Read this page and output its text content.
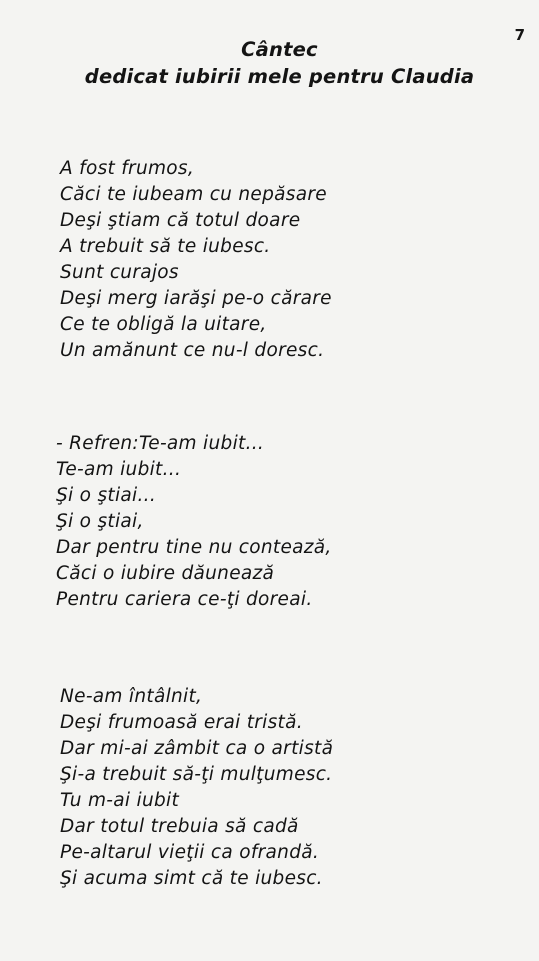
7
Cântec
dedicat iubirii mele pentru Claudia
A fost frumos,
Căci te iubeam cu nepăsare
Deşi ştiam că totul doare
A trebuit să te iubesc.
Sunt curajos
Deşi merg iarăşi pe-o cărare
Ce te obligă la uitare,
Un amănunt ce nu-l doresc.
- Refren:Te-am iubit...
Te-am iubit...
Şi o ştiai...
Şi o ştiai,
Dar pentru tine nu contează,
Căci o iubire dăunează
Pentru cariera ce-ţi doreai.
Ne-am întâlnit,
Deşi frumoasă erai tristă.
Dar mi-ai zâmbit ca o artistă
Şi-a trebuit să-ţi mulţumesc.
Tu m-ai iubit
Dar totul trebuia să cadă
Pe-altarul vieţii ca ofrandă.
Şi acuma simt că te iubesc.
